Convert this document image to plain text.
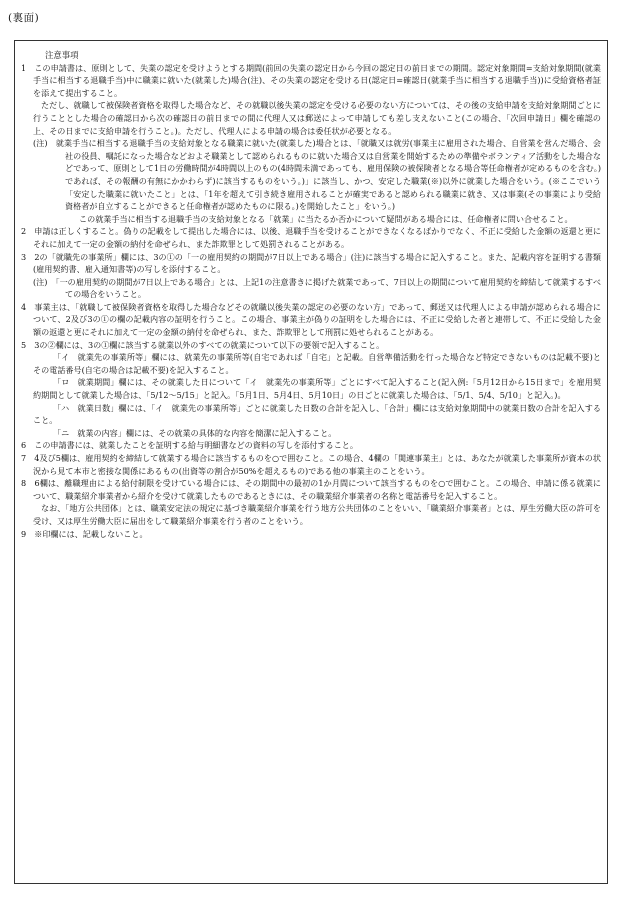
(裏面)

注意事項

1　この申請書は、原則として、失業の認定を受けようとする期間(前回の失業の認定日から今回の認定日の前日までの期間。認定対象期間=支給対象期間(就業手当に相当する退職手当)中に職業に就いた(就業した)場合(注)、その失業の認定を受ける日(認定日=確認日(就業手当に相当する退職手当))に受給資格者証を添えて提出すること。

ただし、就職して被保険者資格を取得した場合など、その就職以後失業の認定を受ける必要のない方については、その後の支給申請を支給対象期間ごとに行うこととした場合の確認日から次の確認日の前日までの間に代理人又は郵送によって申請しても差し支えないこと(この場合、「次回申請日」欄を確認の上、その日までに支給申請を行うこと。)。ただし、代理人による申請の場合は委任状が必要となる。

(注)　就業手当に相当する退職手当の支給対象となる職業に就いた(就業した)場合とは、「就職又は就労(事業主に雇用された場合、自営業を営んだ場合、会社の役員、嘱託になった場合などおよそ職業として認められるものに就いた場合又は自営業を開始するための準備やボランティア活動をした場合などであって、原則として1日の労働時間が4時間以上のもの(4時間未満であっても、雇用保険の被保険者となる場合等任命権者が定めるものを含む。)であれば、その報酬の有無にかかわらず)に該当するものをいう。)」に該当し、かつ、安定した職業(※)以外に就業した場合をいう。(※ここでいう「安定した職業に就いたこと」とは、「1年を超えて引き続き雇用されることが確実であると認められる職業に就き、又は事業(その事業により受給資格者が自立することができると任命権者が認めたものに限る。)を開始したこと」をいう。)

この就業手当に相当する退職手当の支給対象となる「就業」に当たるか否かについて疑問がある場合には、任命権者に問い合せること。

2　申請は正しくすること。偽りの記載をして提出した場合には、以後、退職手当を受けることができなくなるばかりでなく、不正に受給した金額の返還と更にそれに加えて一定の金額の納付を命ぜられ、また詐欺罪として処罰されることがある。

3　2の「就職先の事業所」欄には、3の①の「一の雇用契約の期間が7日以上である場合」(注)に該当する場合に記入すること。また、記載内容を証明する書類(雇用契約書、雇入通知書等)の写しを添付すること。

(注)　「一の雇用契約の期間が7日以上である場合」とは、上記1の注意書きに掲げた就業であって、7日以上の期間について雇用契約を締結して就業するすべての場合をいうこと。

4　事業主は、「就職して被保険者資格を取得した場合などその就職以後失業の認定の必要のない方」であって、郵送又は代理人による申請が認められる場合について、2及び3の①の欄の記載内容の証明を行うこと。この場合、事業主が偽りの証明をした場合には、不正に受給した者と連帯して、不正に受給した金額の返還と更にそれに加えて一定の金額の納付を命ぜられ、また、詐欺罪として刑罰に処せられることがある。

5　3の②欄には、3の①欄に該当する就業以外のすべての就業について以下の要領で記入すること。

「イ　就業先の事業所等」欄には、就業先の事業所等(自宅であれば「自宅」と記載。自営準備活動を行った場合など特定できないものは記載不要)とその電話番号(自宅の場合は記載不要)を記入すること。

「ロ　就業期間」欄には、その就業した日について「イ　就業先の事業所等」ごとにすべて記入すること(記入例:「5月12日から15日まで」を雇用契約期間として就業した場合は、「5/12〜5/15」と記入。「5月1日、5月4日、5月10日」の日ごとに就業した場合は、「5/1、5/4、5/10」と記入。)。

「ハ　就業日数」欄には、「イ　就業先の事業所等」ごとに就業した日数の合計を記入し、「合計」欄には支給対象期間中の就業日数の合計を記入すること。

「ニ　就業の内容」欄には、その就業の具体的な内容を簡潔に記入すること。

6　この申請書には、就業したことを証明する給与明細書などの資料の写しを添付すること。

7　4及び5欄は、雇用契約を締結して就業する場合に該当するものを○で囲むこと。この場合、4欄の「関連事業主」とは、あなたが就業した事業所が資本の状況から見て本市と密接な関係にあるもの(出資等の割合が50%を超えるもの)である他の事業主のことをいう。

8　6欄は、離職理由による給付制限を受けている場合には、その期間中の最初の1か月間について該当するものを○で囲むこと。この場合、申請に係る就業について、職業紹介事業者から紹介を受けて就業したものであるときには、その職業紹介事業者の名称と電話番号を記入すること。

なお、「地方公共団体」とは、職業安定法の規定に基づき職業紹介事業を行う地方公共団体のことをいい、「職業紹介事業者」とは、厚生労働大臣の許可を受け、又は厚生労働大臣に届出をして職業紹介事業を行う者のことをいう。

9　※印欄には、記載しないこと。
